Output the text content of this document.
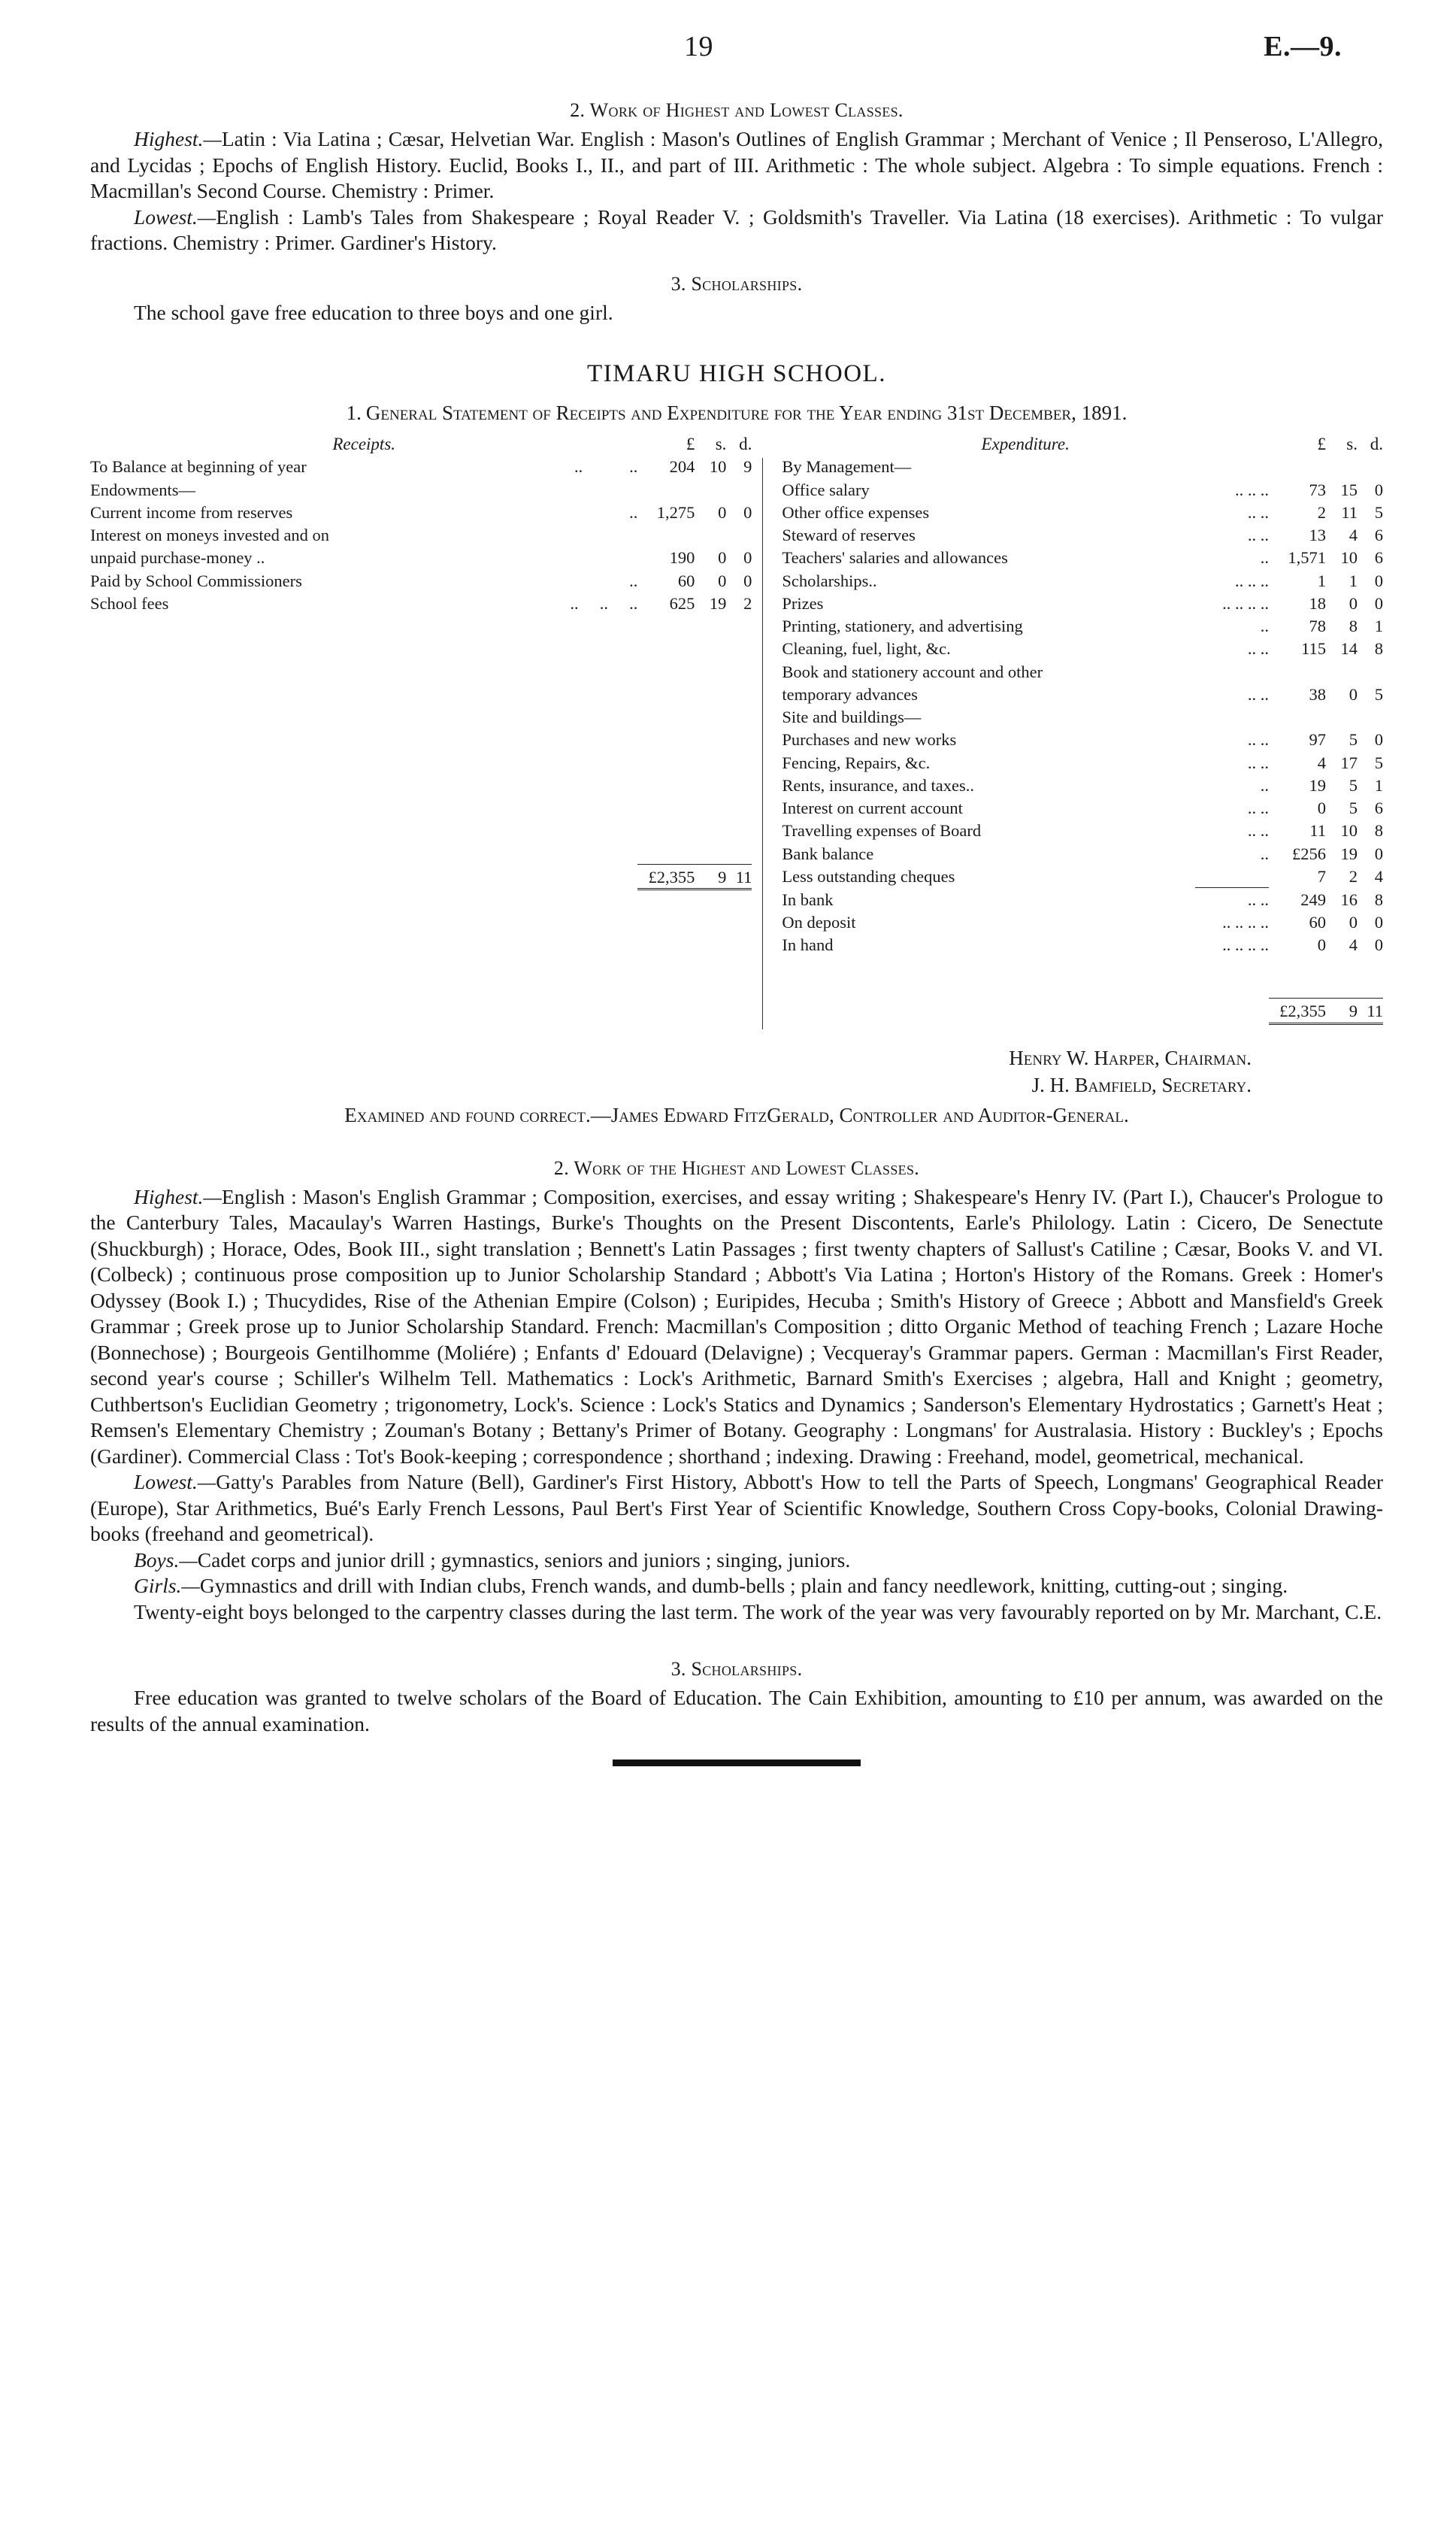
19	E.—9.
2. Work of Highest and Lowest Classes.

Highest.—Latin : Via Latina ; Cæsar, Helvetian War. English : Mason's Outlines of English Grammar ; Merchant of Venice ; Il Penseroso, L'Allegro, and Lycidas ; Epochs of English History. Euclid, Books I., II., and part of III. Arithmetic : The whole subject. Algebra : To simple equations. French : Macmillan's Second Course. Chemistry : Primer.

Lowest.—English : Lamb's Tales from Shakespeare ; Royal Reader V. ; Goldsmith's Traveller. Via Latina (18 exercises). Arithmetic : To vulgar fractions. Chemistry : Primer. Gardiner's History.

3. Scholarships.

The school gave free education to three boys and one girl.

TIMARU HIGH SCHOOL.
1. General Statement of Receipts and Expenditure for the Year ending 31st December, 1891.
Receipts.		£	s.	d.
To Balance at beginning of year	..           ..	204	10	9
Endowments—				
Current income from reserves	..	1,275	0	0
Interest on moneys invested and on				
unpaid purchase-money ..		190	0	0
Paid by School Commissioners	..	60	0	0
School fees	..     ..     ..	625	19	2

		£2,355	9	11
Expenditure.		£	s.	d.
By Management—				
Office salary	.. .. ..	73	15	0
Other office expenses	.. ..	2	11	5
Steward of reserves	.. ..	13	4	6
Teachers' salaries and allowances	..	1,571	10	6
Scholarships..	.. .. ..	1	1	0
Prizes	.. .. .. ..	18	0	0
Printing, stationery, and advertising	..	78	8	1
Cleaning, fuel, light, &c.	.. ..	115	14	8
Book and stationery account and other				
temporary advances	.. ..	38	0	5
Site and buildings—				
Purchases and new works	.. ..	97	5	0
Fencing, Repairs, &c.	.. ..	4	17	5
Rents, insurance, and taxes..	..	19	5	1
Interest on current account	.. ..	0	5	6
Travelling expenses of Board	.. ..	11	10	8
Bank balance	..	£256	19	0
Less outstanding cheques		7	2	4
In bank	.. ..	249	16	8
On deposit	.. .. .. ..	60	0	0
In hand	.. .. .. ..	0	4	0

		£2,355	9	11
Henry W. Harper, Chairman.
J. H. Bamfield, Secretary.
Examined and found correct.—James Edward FitzGerald, Controller and Auditor-General.
2. Work of the Highest and Lowest Classes.

Highest.—English : Mason's English Grammar ; Composition, exercises, and essay writing ; Shakespeare's Henry IV. (Part I.), Chaucer's Prologue to the Canterbury Tales, Macaulay's Warren Hastings, Burke's Thoughts on the Present Discontents, Earle's Philology. Latin : Cicero, De Senectute (Shuckburgh) ; Horace, Odes, Book III., sight translation ; Bennett's Latin Passages ; first twenty chapters of Sallust's Catiline ; Cæsar, Books V. and VI. (Colbeck) ; continuous prose composition up to Junior Scholarship Standard ; Abbott's Via Latina ; Horton's History of the Romans. Greek : Homer's Odyssey (Book I.) ; Thucydides, Rise of the Athenian Empire (Colson) ; Euripides, Hecuba ; Smith's History of Greece ; Abbott and Mansfield's Greek Grammar ; Greek prose up to Junior Scholarship Standard. French: Macmillan's Composition ; ditto Organic Method of teaching French ; Lazare Hoche (Bonnechose) ; Bourgeois Gentilhomme (Moliére) ; Enfants d' Edouard (Delavigne) ; Vecqueray's Grammar papers. German : Macmillan's First Reader, second year's course ; Schiller's Wilhelm Tell. Mathematics : Lock's Arithmetic, Barnard Smith's Exercises ; algebra, Hall and Knight ; geometry, Cuthbertson's Euclidian Geometry ; trigonometry, Lock's. Science : Lock's Statics and Dynamics ; Sanderson's Elementary Hydrostatics ; Garnett's Heat ; Remsen's Elementary Chemistry ; Zouman's Botany ; Bettany's Primer of Botany. Geography : Longmans' for Australasia. History : Buckley's ; Epochs (Gardiner). Commercial Class : Tot's Book-keeping ; correspondence ; shorthand ; indexing. Drawing : Freehand, model, geometrical, mechanical.

Lowest.—Gatty's Parables from Nature (Bell), Gardiner's First History, Abbott's How to tell the Parts of Speech, Longmans' Geographical Reader (Europe), Star Arithmetics, Bué's Early French Lessons, Paul Bert's First Year of Scientific Knowledge, Southern Cross Copy-books, Colonial Drawing-books (freehand and geometrical).

Boys.—Cadet corps and junior drill ; gymnastics, seniors and juniors ; singing, juniors.

Girls.—Gymnastics and drill with Indian clubs, French wands, and dumb-bells ; plain and fancy needlework, knitting, cutting-out ; singing.

Twenty-eight boys belonged to the carpentry classes during the last term. The work of the year was very favourably reported on by Mr. Marchant, C.E.

3. Scholarships.

Free education was granted to twelve scholars of the Board of Education. The Cain Exhibition, amounting to £10 per annum, was awarded on the results of the annual examination.
